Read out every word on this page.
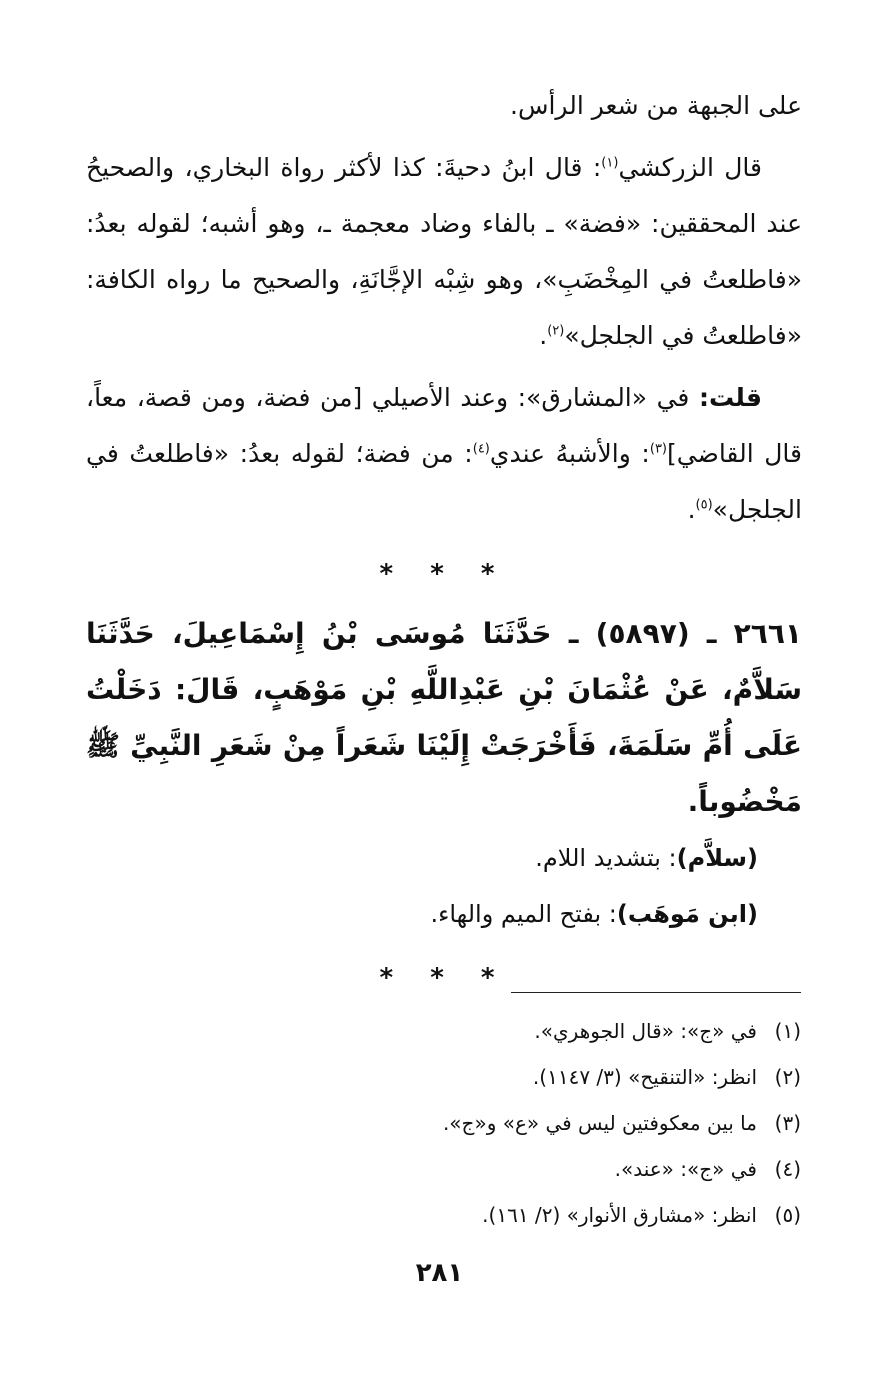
على الجبهة من شعر الرأس.

قال الزركشي$^{(١)}$: قال ابنُ دحيةَ: كذا لأكثر رواة البخاري، والصحيحُ عند المحققين: «فضة» ـ بالفاء وضاد معجمة ـ، وهو أشبه؛ لقوله بعدُ: «فاطلعتُ في المِخْضَبِ»، وهو شِبْه الإجَّانَةِ، والصحيح ما رواه الكافة: «فاطلعتُ في الجلجل»$^{(٢)}$.

قلت: في «المشارق»: وعند الأصيلي [من فضة، ومن قصة، معاً، قال القاضي]$^{(٣)}$: والأشبهُ عندي$^{(٤)}$: من فضة؛ لقوله بعدُ: «فاطلعتُ في الجلجل»$^{(٥)}$.

* * *

٢٦٦١ ـ (٥٨٩٧) ـ حَدَّثَنَا مُوسَى بْنُ إِسْمَاعِيلَ، حَدَّثَنَا سَلاَّمٌ، عَنْ عُثْمَانَ بْنِ عَبْدِاللَّهِ بْنِ مَوْهَبٍ، قَالَ: دَخَلْتُ عَلَى أُمِّ سَلَمَةَ، فَأَخْرَجَتْ إِلَيْنَا شَعَراً مِنْ شَعَرِ النَّبِيِّ ﷺ مَخْضُوباً.

(سلاَّم): بتشديد اللام.

(ابن مَوهَب): بفتح الميم والهاء.

* * *

(١)في «ج»: «قال الجوهري».

(٢)انظر: «التنقيح» (٣/ ١١٤٧).

(٣)ما بين معكوفتين ليس في «ع» و«ج».

(٤)في «ج»: «عند».

(٥)انظر: «مشارق الأنوار» (٢/ ١٦١).

٢٨١
